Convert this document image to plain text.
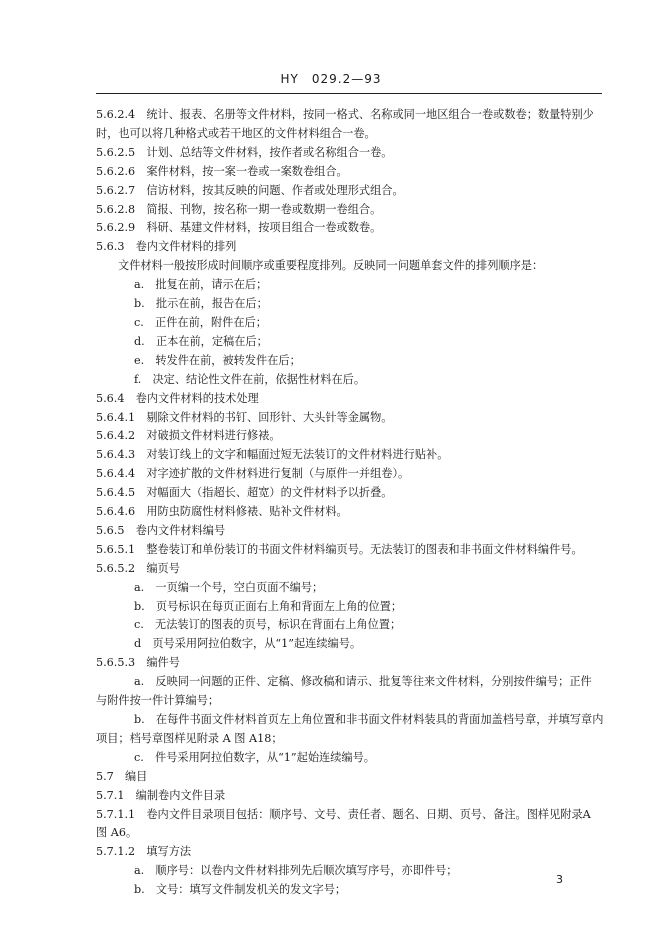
HY　029.2—93

5.6.2.4　统计、报表、名册等文件材料，按同一格式、名称或同一地区组合一卷或数卷；数量特别少

时，也可以将几种格式或若干地区的文件材料组合一卷。

5.6.2.5　计划、总结等文件材料，按作者或名称组合一卷。

5.6.2.6　案件材料，按一案一卷或一案数卷组合。

5.6.2.7　信访材料，按其反映的问题、作者或处理形式组合。

5.6.2.8　简报、刊物，按名称一期一卷或数期一卷组合。

5.6.2.9　科研、基建文件材料，按项目组合一卷或数卷。

5.6.3　卷内文件材料的排列

文件材料一般按形成时间顺序或重要程度排列。反映同一问题单套文件的排列顺序是：

a.　批复在前，请示在后；

b.　批示在前，报告在后；

c.　正件在前，附件在后；

d.　正本在前，定稿在后；

e.　转发件在前，被转发件在后；

f.　决定、结论性文件在前，依据性材料在后。

5.6.4　卷内文件材料的技术处理

5.6.4.1　剔除文件材料的书钉、回形针、大头针等金属物。

5.6.4.2　对破损文件材料进行修裱。

5.6.4.3　对装订线上的文字和幅面过短无法装订的文件材料进行贴补。

5.6.4.4　对字迹扩散的文件材料进行复制（与原件一并组卷）。

5.6.4.5　对幅面大（指超长、超宽）的文件材料予以折叠。

5.6.4.6　用防虫防腐性材料修裱、贴补文件材料。

5.6.5　卷内文件材料编号

5.6.5.1　整卷装订和单份装订的书面文件材料编页号。无法装订的图表和非书面文件材料编件号。

5.6.5.2　编页号

a.　一页编一个号，空白页面不编号；

b.　页号标识在每页正面右上角和背面左上角的位置；

c.　无法装订的图表的页号，标识在背面右上角位置；

d　页号采用阿拉伯数字，从“1”起连续编号。

5.6.5.3　编件号

a.　反映同一问题的正件、定稿、修改稿和请示、批复等往来文件材料，分别按件编号；正件

与附件按一件计算编号；

b.　在每件书面文件材料首页左上角位置和非书面文件材料装具的背面加盖档号章，并填写章内

项目；档号章图样见附录 A 图 A18；

c.　件号采用阿拉伯数字，从“1”起始连续编号。

5.7　编目

5.7.1　编制卷内文件目录

5.7.1.1　卷内文件目录项目包括：顺序号、文号、责任者、题名、日期、页号、备注。图样见附录A

图 A6。

5.7.1.2　填写方法

a.　顺序号：以卷内文件材料排列先后顺次填写序号，亦即件号；

b.　文号：填写文件制发机关的发文字号；

3
